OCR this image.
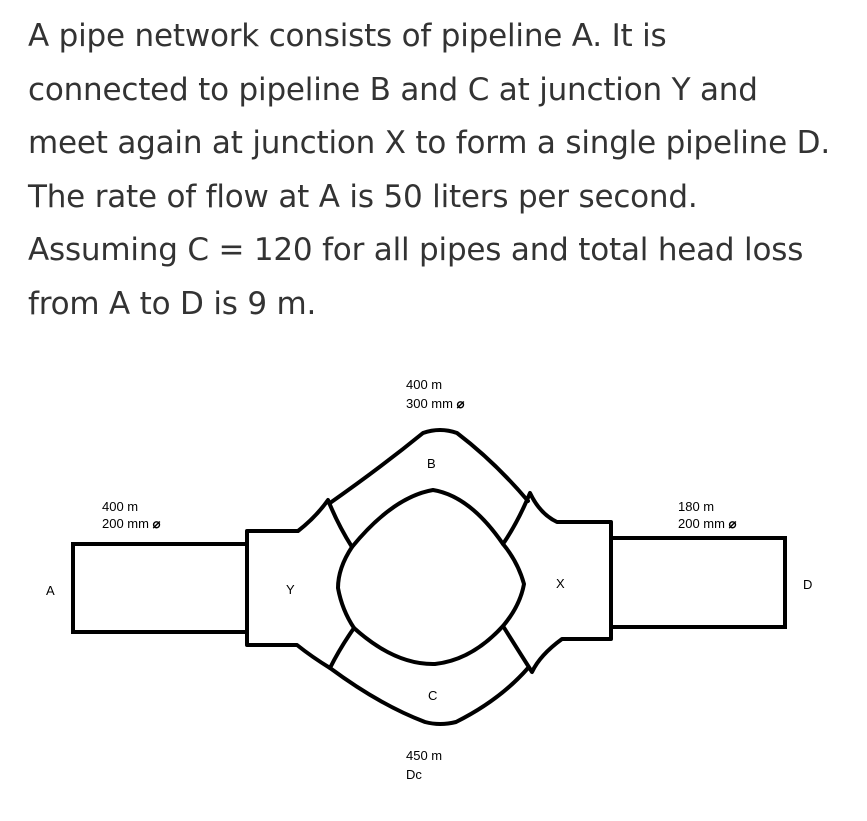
A pipe network consists of pipeline A. It is
connected to pipeline B and C at junction Y and
meet again at junction X to form a single pipeline D.
The rate of flow at A is 50 liters per second.
Assuming C = 120 for all pipes and total head loss
from A to D is 9 m.
400 m
200 mm ⌀
A
400 m
300 mm ⌀
B
Y	X
C
450 m
Dc
180 m
200 mm ⌀
D
